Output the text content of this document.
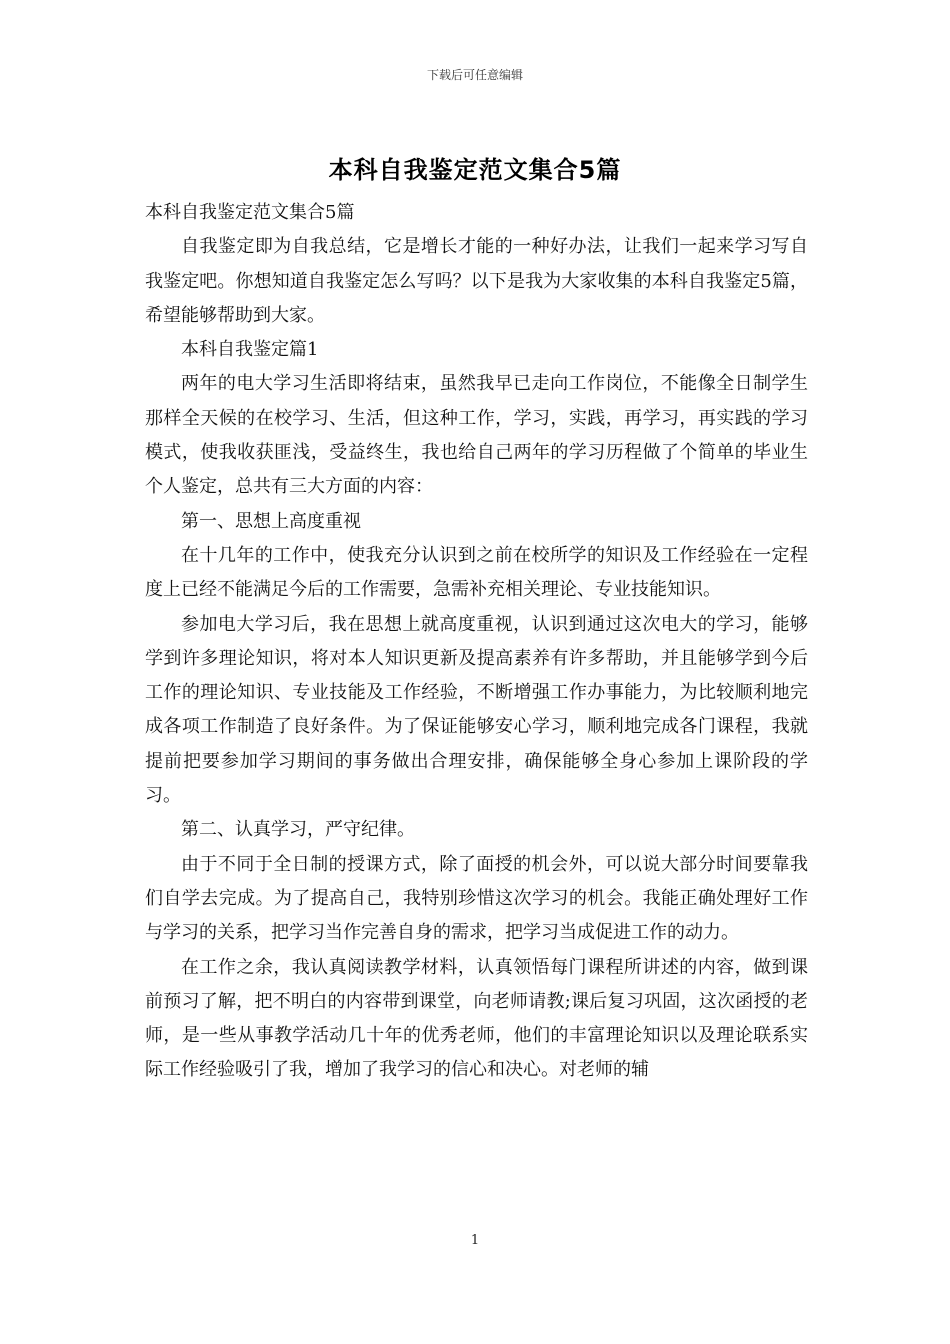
下载后可任意编辑
本科自我鉴定范文集合5篇

本科自我鉴定范文集合5篇

自我鉴定即为自我总结，它是增长才能的一种好办法，让我们一起来学习写自我鉴定吧。你想知道自我鉴定怎么写吗？以下是我为大家收集的本科自我鉴定5篇，希望能够帮助到大家。

本科自我鉴定篇1

两年的电大学习生活即将结束，虽然我早已走向工作岗位，不能像全日制学生那样全天候的在校学习、生活，但这种工作，学习，实践，再学习，再实践的学习模式，使我收获匪浅，受益终生，我也给自己两年的学习历程做了个简单的毕业生个人鉴定，总共有三大方面的内容：

第一、思想上高度重视

在十几年的工作中，使我充分认识到之前在校所学的知识及工作经验在一定程度上已经不能满足今后的工作需要，急需补充相关理论、专业技能知识。

参加电大学习后，我在思想上就高度重视，认识到通过这次电大的学习，能够学到许多理论知识，将对本人知识更新及提高素养有许多帮助，并且能够学到今后工作的理论知识、专业技能及工作经验，不断增强工作办事能力，为比较顺利地完成各项工作制造了良好条件。为了保证能够安心学习，顺利地完成各门课程，我就提前把要参加学习期间的事务做出合理安排，确保能够全身心参加上课阶段的学习。

第二、认真学习，严守纪律。

由于不同于全日制的授课方式，除了面授的机会外，可以说大部分时间要靠我们自学去完成。为了提高自己，我特别珍惜这次学习的机会。我能正确处理好工作与学习的关系，把学习当作完善自身的需求，把学习当成促进工作的动力。

在工作之余，我认真阅读教学材料，认真领悟每门课程所讲述的内容，做到课前预习了解，把不明白的内容带到课堂，向老师请教;课后复习巩固，这次函授的老师，是一些从事教学活动几十年的优秀老师，他们的丰富理论知识以及理论联系实际工作经验吸引了我，增加了我学习的信心和决心。对老师的辅

1
